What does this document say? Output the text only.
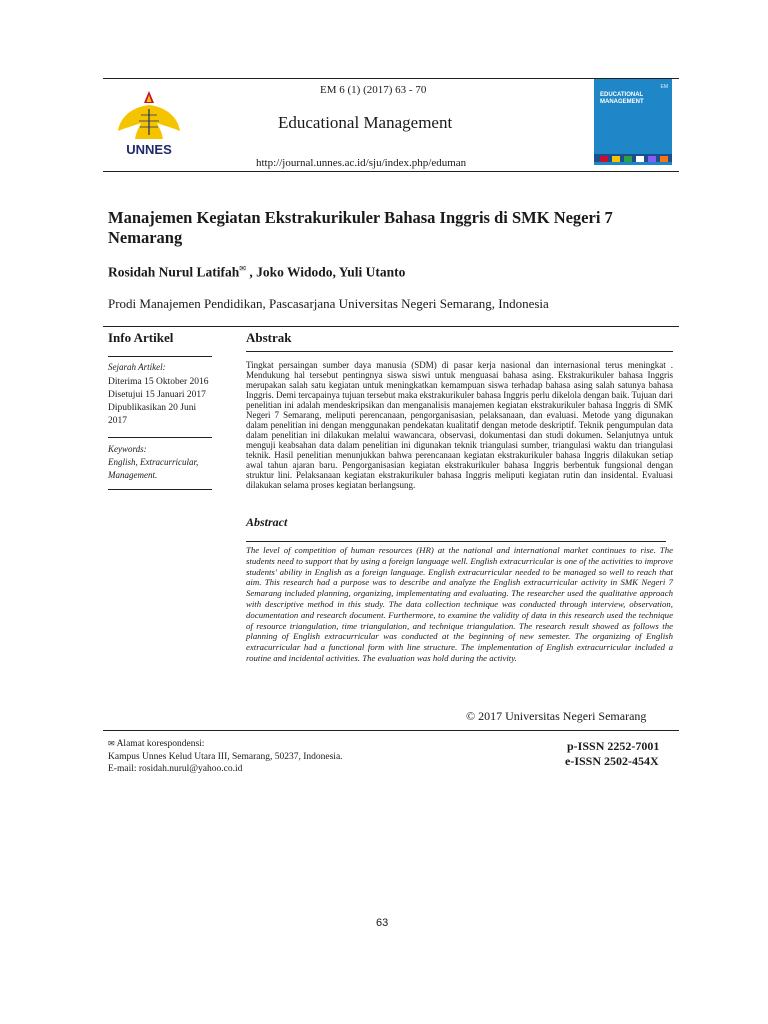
UNNES
EM 6 (1) (2017) 63 - 70
Educational Management
http://journal.unnes.ac.id/sju/index.php/eduman
EM
EDUCATIONAL
MANAGEMENT
Manajemen Kegiatan Ekstrakurikuler Bahasa Inggris di SMK Negeri 7 Nemarang
Rosidah Nurul Latifah✉ , Joko Widodo, Yuli Utanto
Prodi Manajemen Pendidikan, Pascasarjana Universitas Negeri Semarang, Indonesia
Info Artikel
Sejarah Artikel:
Diterima 15 Oktober 2016
Disetujui 15 Januari 2017
Dipublikasikan 20 Juni
2017
Keywords:
English, Extracurricular,
Management.
Abstrak
Tingkat persaingan sumber daya manusia (SDM) di pasar kerja nasional dan internasional terus meningkat . Mendukung hal tersebut pentingnya siswa siswi untuk menguasai bahasa asing. Ekstrakurikuler bahasa Inggris merupakan salah satu kegiatan untuk meningkatkan kemampuan siswa terhadap bahasa asing salah satunya bahasa Inggris. Demi tercapainya tujuan tersebut maka ekstrakurikuler bahasa Inggris perlu dikelola dengan baik. Tujuan dari penelitian ini adalah mendeskripsikan dan menganalisis manajemen kegiatan ekstrakurikuler bahasa Inggris di SMK Negeri 7 Semarang, meliputi perencanaan, pengorganisasian, pelaksanaan, dan evaluasi. Metode yang digunakan dalam penelitian ini dengan menggunakan pendekatan kualitatif dengan metode deskriptif. Teknik pengumpulan data dalam penelitian ini dilakukan melalui wawancara, observasi, dokumentasi dan studi dokumen. Selanjutnya untuk menguji keabsahan data dalam penelitian ini digunakan teknik triangulasi sumber, triangulasi waktu dan triangulasi teknik. Hasil penelitian menunjukkan bahwa perencanaan kegiatan ekstrakurikuler bahasa Inggris dilakukan setiap awal tahun ajaran baru. Pengorganisasian kegiatan ekstrakurikuler bahasa Inggris berbentuk fungsional dengan struktur lini. Pelaksanaan kegiatan ekstrakurikuler bahasa Inggris meliputi kegiatan rutin dan insidental. Evaluasi dilakukan selama proses kegiatan berlangsung.
Abstract
The level of competition of human resources (HR) at the national and international market continues to rise. The students need to support that by using a foreign language well. English extracurricular is one of the activities to improve students' ability in English as a foreign language. English extracurricular needed to be managed so well to reach that aim. This research had a purpose was to describe and analyze the English extracurricular activity in SMK Negeri 7 Semarang included planning, organizing, implementating and evaluating. The researcher used the qualitative approach with descriptive method in this study. The data collection technique was conducted through interview, observation, documentation and research document. Furthermore, to examine the validity of data in this research used the technique of resource triangulation, time triangulation, and technique triangulation. The research result showed as follows the planning of English extracurricular was conducted at the beginning of new semester. The organizing of English extracurricular had a functional form with line structure. The implementation of English extracurricular included a routine and incidental activities. The evaluation was hold during the activity.
© 2017 Universitas Negeri Semarang
✉ Alamat korespondensi:
Kampus Unnes Kelud Utara III, Semarang, 50237, Indonesia.
E-mail: rosidah.nurul@yahoo.co.id
p-ISSN 2252-7001
e-ISSN 2502-454X
63
